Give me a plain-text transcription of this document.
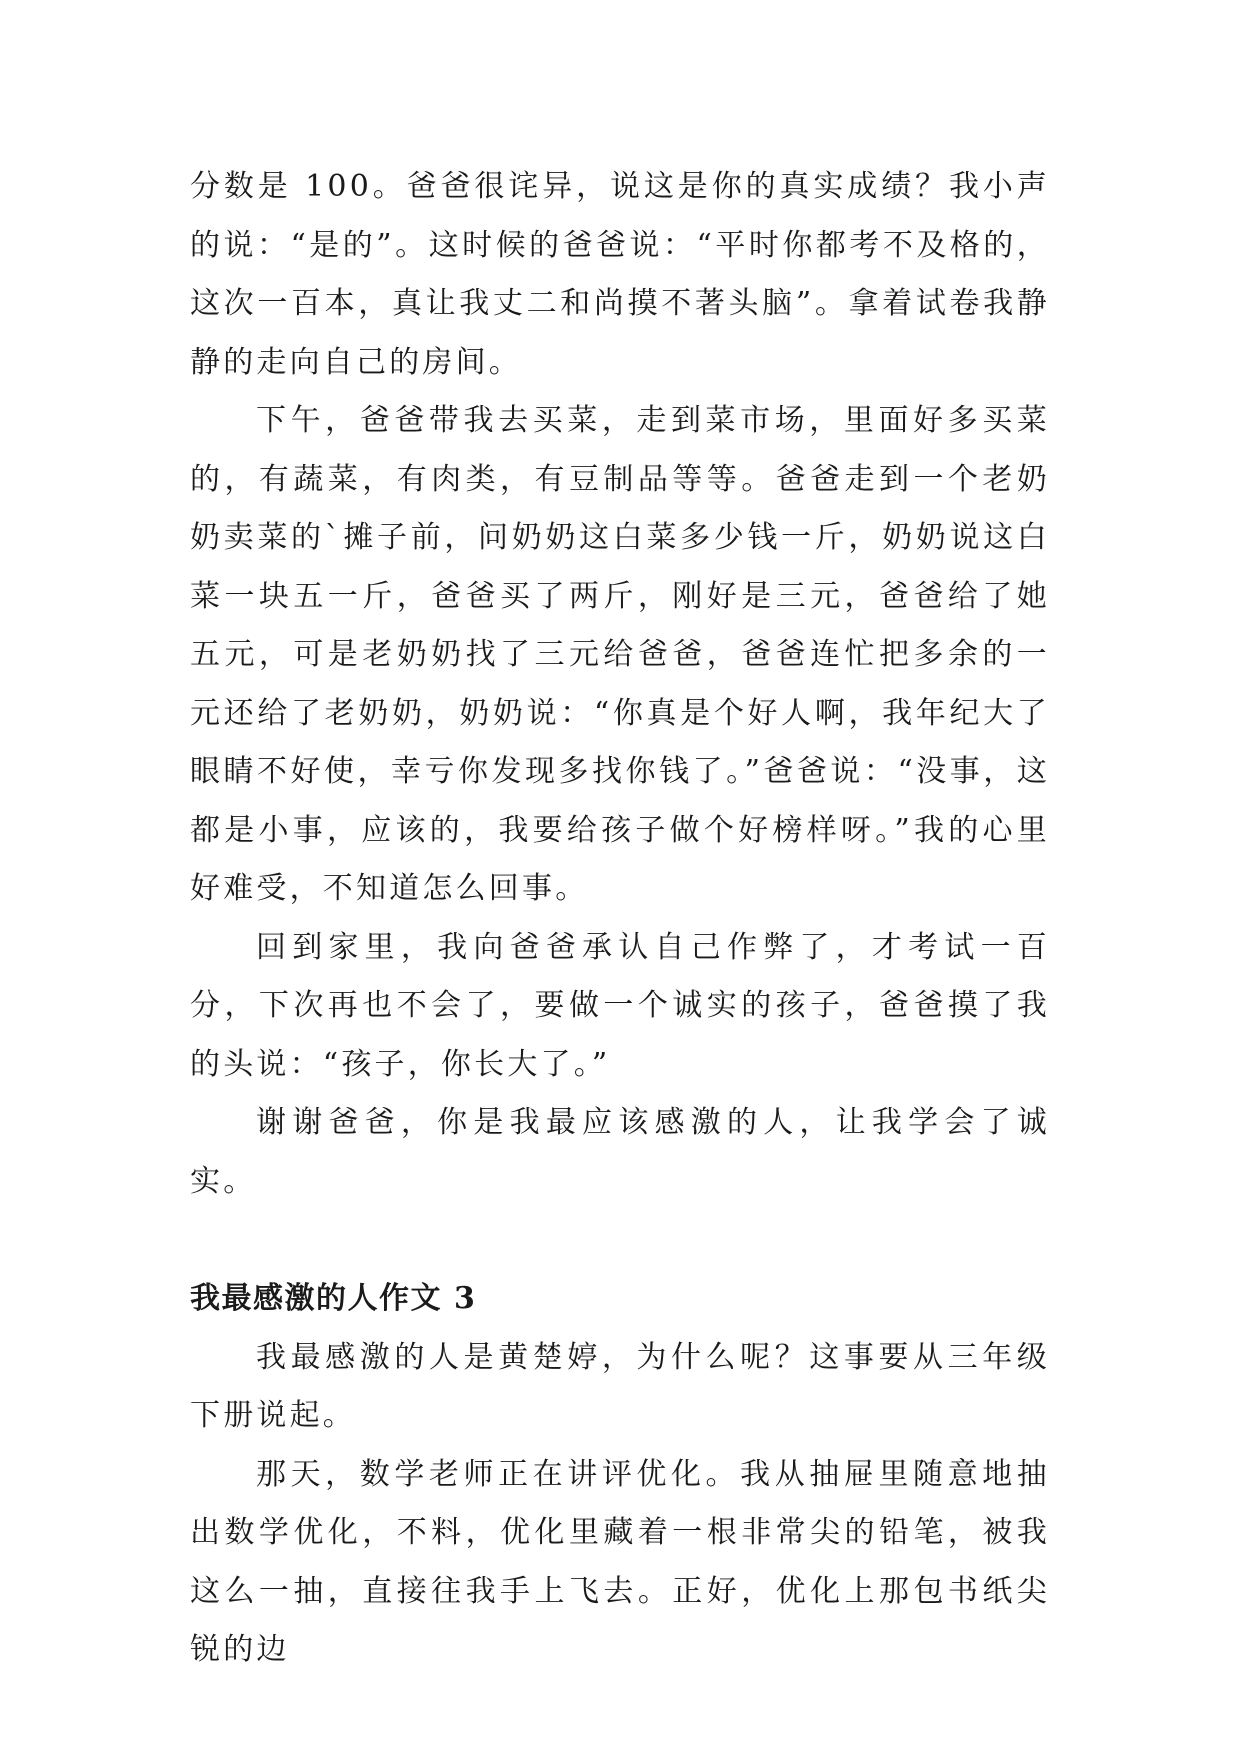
分数是 100。爸爸很诧异，说这是你的真实成绩？我小声的说：“是的”。这时候的爸爸说：“平时你都考不及格的，这次一百本，真让我丈二和尚摸不著头脑”。拿着试卷我静静的走向自己的房间。

下午，爸爸带我去买菜，走到菜市场，里面好多买菜的，有蔬菜，有肉类，有豆制品等等。爸爸走到一个老奶奶卖菜的`摊子前，问奶奶这白菜多少钱一斤，奶奶说这白菜一块五一斤，爸爸买了两斤，刚好是三元，爸爸给了她五元，可是老奶奶找了三元给爸爸，爸爸连忙把多余的一元还给了老奶奶，奶奶说：“你真是个好人啊，我年纪大了眼睛不好使，幸亏你发现多找你钱了。”爸爸说：“没事，这都是小事，应该的，我要给孩子做个好榜样呀。”我的心里好难受，不知道怎么回事。

回到家里，我向爸爸承认自己作弊了，才考试一百分，下次再也不会了，要做一个诚实的孩子，爸爸摸了我的头说：“孩子，你长大了。”

谢谢爸爸，你是我最应该感激的人，让我学会了诚实。

我最感激的人作文 3

我最感激的人是黄楚婷，为什么呢？这事要从三年级下册说起。

那天，数学老师正在讲评优化。我从抽屉里随意地抽出数学优化，不料，优化里藏着一根非常尖的铅笔，被我这么一抽，直接往我手上飞去。正好，优化上那包书纸尖锐的边
